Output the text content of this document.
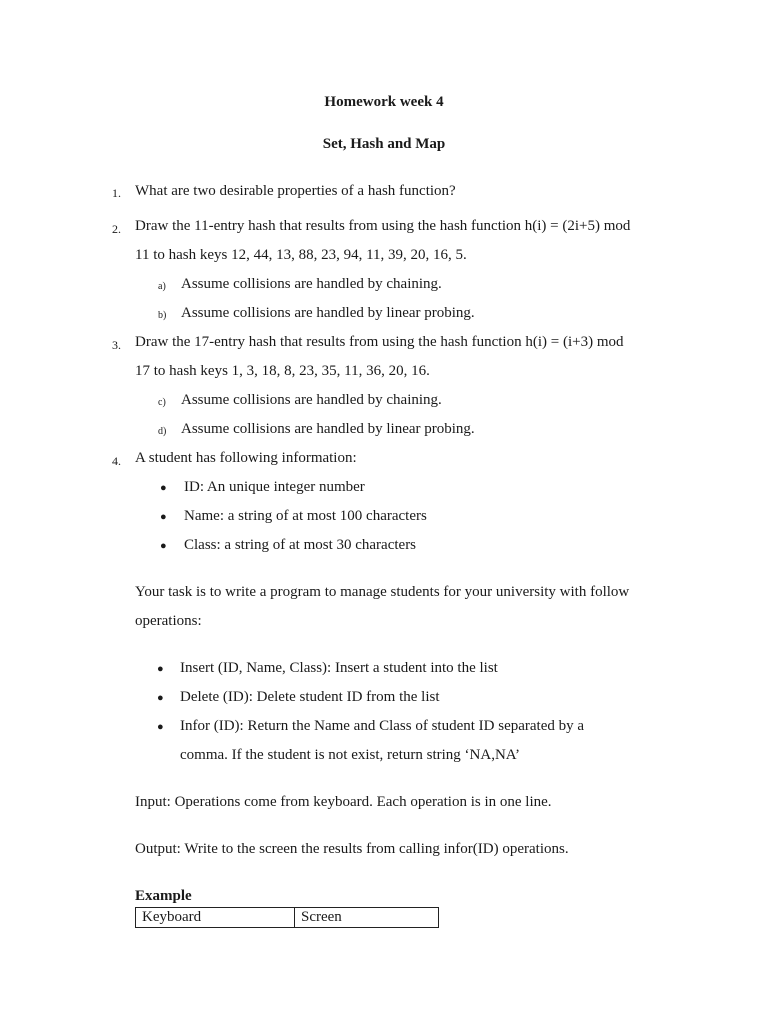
Homework week 4
Set, Hash and Map
1. What are two desirable properties of a hash function?
2. Draw the 11-entry hash that results from using the hash function h(i) = (2i+5) mod
11 to hash keys 12, 44, 13, 88, 23, 94, 11, 39, 20, 16, 5.
a) Assume collisions are handled by chaining.
b) Assume collisions are handled by linear probing.
3. Draw the 17-entry hash that results from using the hash function h(i) = (i+3) mod
17 to hash keys 1, 3, 18, 8, 23, 35, 11, 36, 20, 16.
c) Assume collisions are handled by chaining.
d) Assume collisions are handled by linear probing.
4. A student has following information:
● ID: An unique integer number
● Name: a string of at most 100 characters
● Class: a string of at most 30 characters
Your task is to write a program to manage students for your university with follow
operations:
● Insert (ID, Name, Class): Insert a student into the list
● Delete (ID): Delete student ID from the list
● Infor (ID): Return the Name and Class of student ID separated by a
comma. If the student is not exist, return string ‘NA,NA’
Input: Operations come from keyboard. Each operation is in one line.
Output: Write to the screen the results from calling infor(ID) operations.
Example
Keyboard	Screen
